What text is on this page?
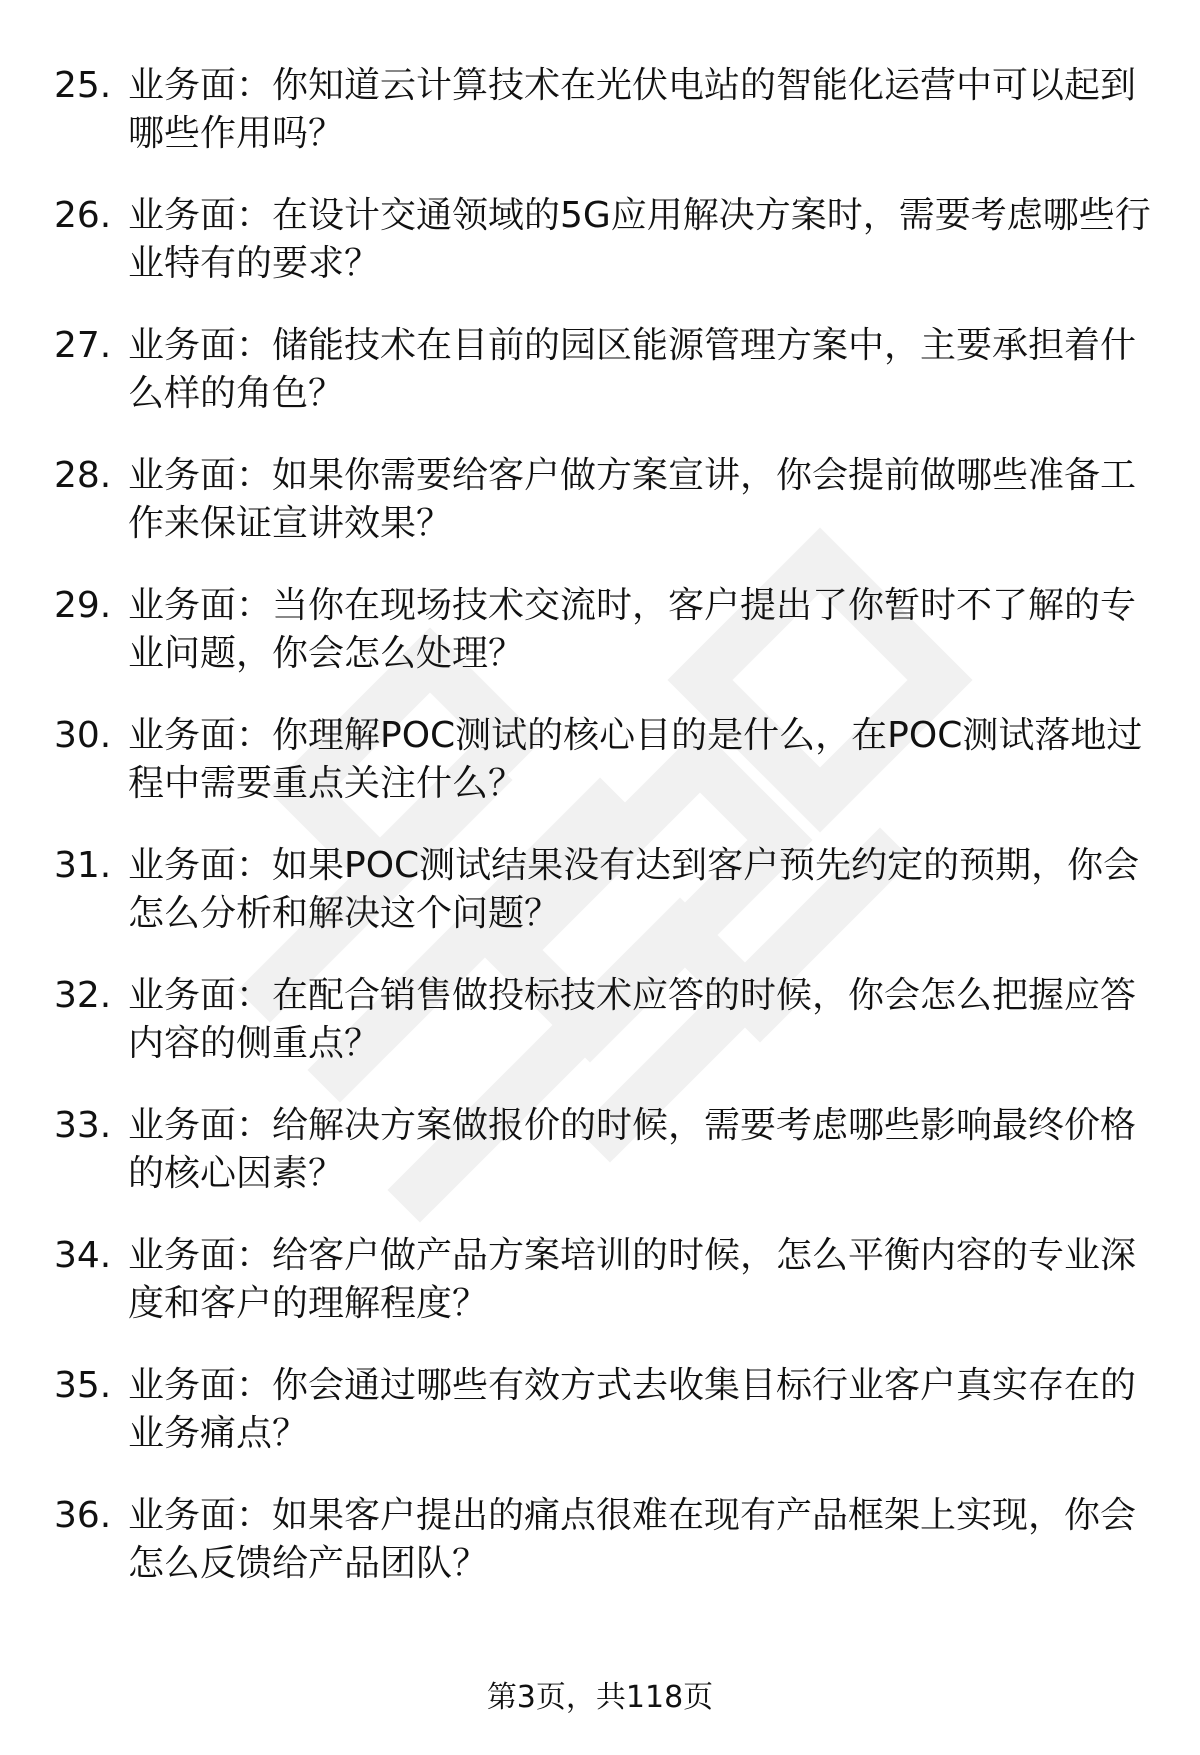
25. 业务面：你知道云计算技术在光伏电站的智能化运营中可以起到哪些作用吗？
26. 业务面：在设计交通领域的5G应用解决方案时，需要考虑哪些行业特有的要求？
27. 业务面：储能技术在目前的园区能源管理方案中，主要承担着什么样的角色？
28. 业务面：如果你需要给客户做方案宣讲，你会提前做哪些准备工作来保证宣讲效果？
29. 业务面：当你在现场技术交流时，客户提出了你暂时不了解的专业问题，你会怎么处理？
30. 业务面：你理解POC测试的核心目的是什么，在POC测试落地过程中需要重点关注什么？
31. 业务面：如果POC测试结果没有达到客户预先约定的预期，你会怎么分析和解决这个问题？
32. 业务面：在配合销售做投标技术应答的时候，你会怎么把握应答内容的侧重点？
33. 业务面：给解决方案做报价的时候，需要考虑哪些影响最终价格的核心因素？
34. 业务面：给客户做产品方案培训的时候，怎么平衡内容的专业深度和客户的理解程度？
35. 业务面：你会通过哪些有效方式去收集目标行业客户真实存在的业务痛点？
36. 业务面：如果客户提出的痛点很难在现有产品框架上实现，你会怎么反馈给产品团队？
第3页，共118页
